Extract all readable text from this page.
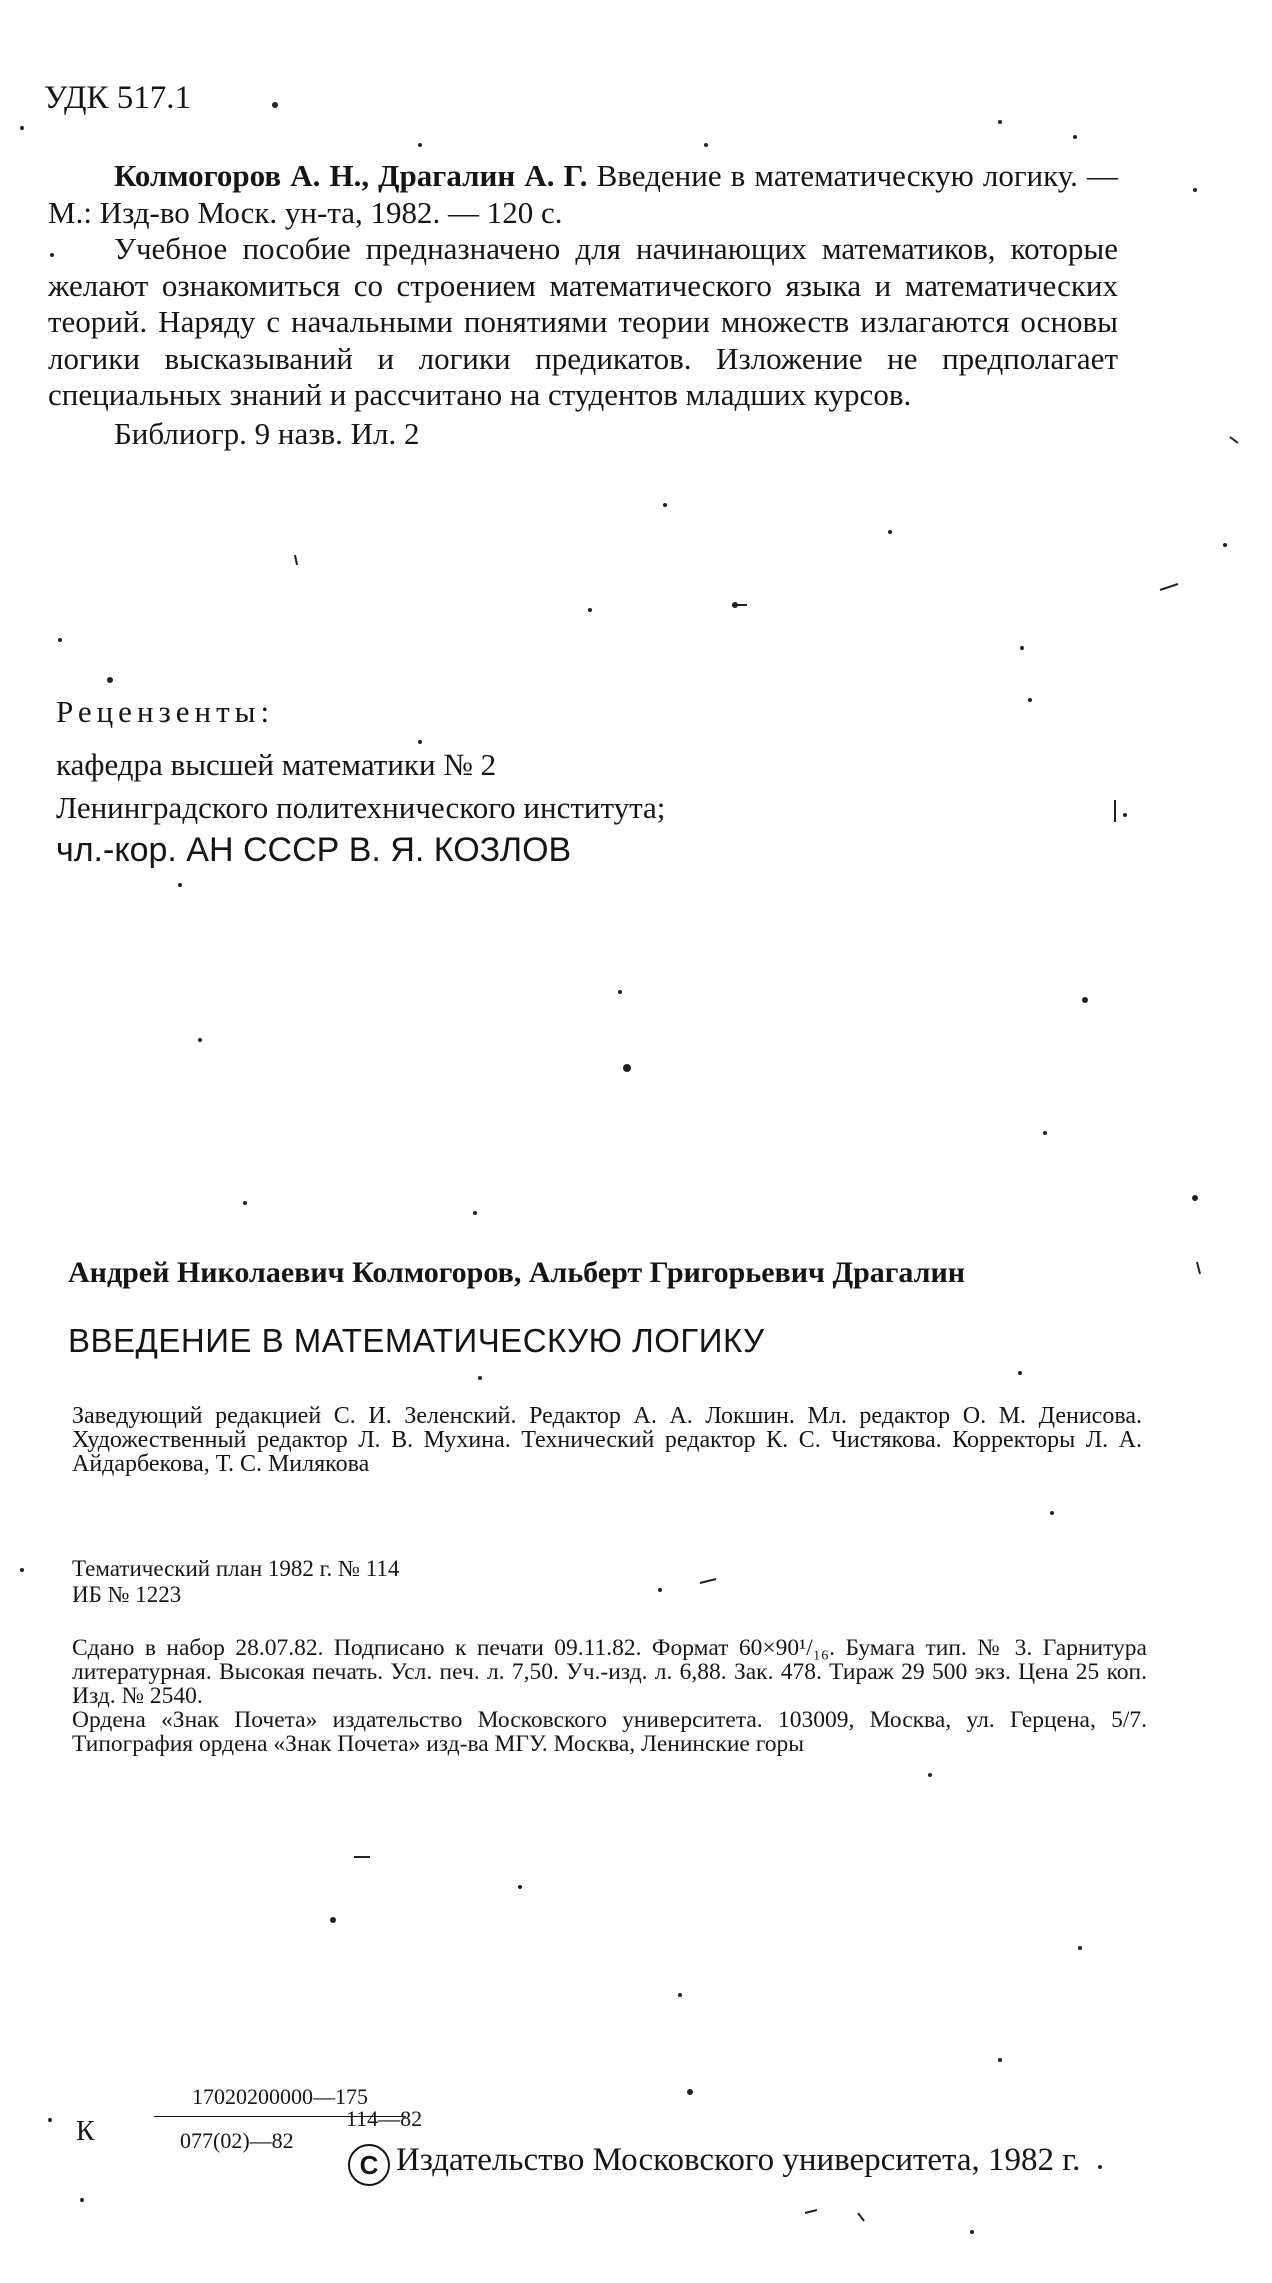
УДК 517.1

Колмогоров А. Н., Драгалин А. Г. Введение в математическую логику. — М.: Изд-во Моск. ун-та, 1982. — 120 с.

Учебное пособие предназначено для начинающих математиков, которые желают ознакомиться со строением математического языка и математических теорий. Наряду с начальными понятиями теории множеств излагаются основы логики высказываний и логики предикатов. Изложение не предполагает специальных знаний и рассчитано на студентов младших курсов.

Библиогр. 9 назв. Ил. 2

Рецензенты:
кафедра высшей математики № 2
Ленинградского политехнического института;
чл.-кор. АН СССР В. Я. КОЗЛОВ
Андрей Николаевич Колмогоров, Альберт Григорьевич Драгалин
ВВЕДЕНИЕ В МАТЕМАТИЧЕСКУЮ ЛОГИКУ

Заведующий редакцией С. И. Зеленский. Редактор А. А. Локшин. Мл. редактор О. М. Денисова. Художественный редактор Л. В. Мухина. Технический редактор К. С. Чистякова. Корректоры Л. А. Айдарбекова, Т. С. Милякова

Тематический план 1982 г. № 114
ИБ № 1223

Сдано в набор 28.07.82. Подписано к печати 09.11.82. Формат 60×90¹/₁₆. Бумага тип. № 3. Гарнитура литературная. Высокая печать. Усл. печ. л. 7,50. Уч.-изд. л. 6,88. Зак. 478. Тираж 29 500 экз. Цена 25 коп. Изд. № 2540.

Ордена «Знак Почета» издательство Московского университета. 103009, Москва, ул. Герцена, 5/7. Типография ордена «Знак Почета» изд-ва МГУ. Москва, Ленинские горы

К
17020200000—175
077(02)—82
114—82
C Издательство Московского университета, 1982 г.
